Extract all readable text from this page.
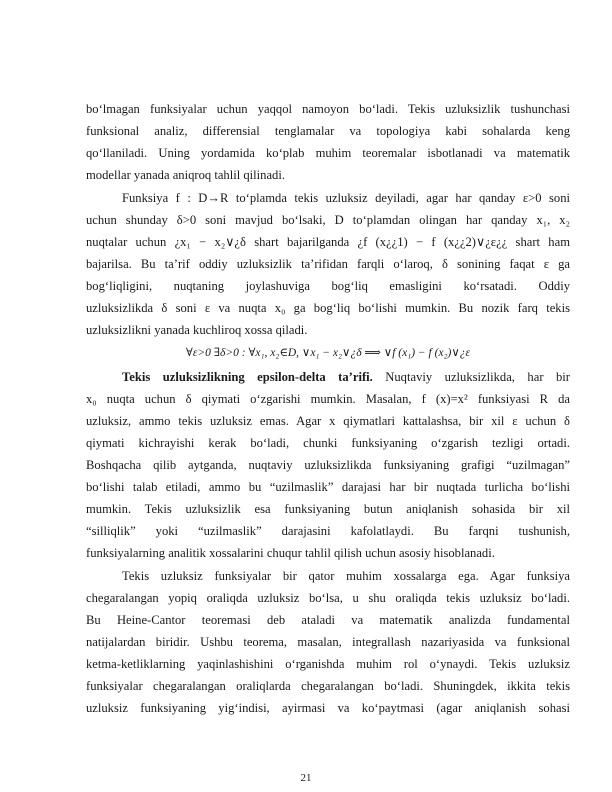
bo‘lmagan funksiyalar uchun yaqqol namoyon bo‘ladi. Tekis uzluksizlik tushunchasi
funksional analiz, differensial tenglamalar va topologiya kabi sohalarda keng
qo‘llaniladi. Uning yordamida ko‘plab muhim teoremalar isbotlanadi va matematik
modellar yanada aniqroq tahlil qilinadi.
Funksiya f : D→R to‘plamda tekis uzluksiz deyiladi, agar har qanday ε>0 soni
uchun shunday δ>0 soni mavjud bo‘lsaki, D to‘plamdan olingan har qanday x₁, x₂
nuqtalar uchun ¿x₁ − x₂∨¿δ shart bajarilganda ¿f (x¿¿1) − f (x¿¿2)∨¿ε¿¿ shart ham
bajarilsa. Bu ta’rif oddiy uzluksizlik ta’rifidan farqli o‘laroq, δ sonining faqat ε ga
bog‘liqligini, nuqtaning joylashuviga bog‘liq emasligini ko‘rsatadi. Oddiy
uzluksizlikda δ soni ε va nuqta x₀ ga bog‘liq bo‘lishi mumkin. Bu nozik farq tekis
uzluksizlikni yanada kuchliroq xossa qiladi.
∀ε>0 ∃δ>0 : ∀x₁, x₂∈D, ∨x₁ − x₂∨¿δ ⟹ ∨f (x₁) − f (x₂)∨¿ε
Tekis uzluksizlikning epsilon-delta ta’rifi. Nuqtaviy uzluksizlikda, har bir
x₀ nuqta uchun δ qiymati o‘zgarishi mumkin. Masalan, f (x)=x² funksiyasi R da
uzluksiz, ammo tekis uzluksiz emas. Agar x qiymatlari kattalashsa, bir xil ε uchun δ
qiymati kichrayishi kerak bo‘ladi, chunki funksiyaning o‘zgarish tezligi ortadi.
Boshqacha qilib aytganda, nuqtaviy uzluksizlikda funksiyaning grafigi “uzilmagan”
bo‘lishi talab etiladi, ammo bu “uzilmaslik” darajasi har bir nuqtada turlicha bo‘lishi
mumkin. Tekis uzluksizlik esa funksiyaning butun aniqlanish sohasida bir xil
“silliqlik” yoki “uzilmaslik” darajasini kafolatlaydi. Bu farqni tushunish,
funksiyalarning analitik xossalarini chuqur tahlil qilish uchun asosiy hisoblanadi.
Tekis uzluksiz funksiyalar bir qator muhim xossalarga ega. Agar funksiya
chegaralangan yopiq oraliqda uzluksiz bo‘lsa, u shu oraliqda tekis uzluksiz bo‘ladi.
Bu Heine-Cantor teoremasi deb ataladi va matematik analizda fundamental
natijalardan biridir. Ushbu teorema, masalan, integrallash nazariyasida va funksional
ketma-ketliklarning yaqinlashishini o‘rganishda muhim rol o‘ynaydi. Tekis uzluksiz
funksiyalar chegaralangan oraliqlarda chegaralangan bo‘ladi. Shuningdek, ikkita tekis
uzluksiz funksiyaning yig‘indisi, ayirmasi va ko‘paytmasi (agar aniqlanish sohasi
21
